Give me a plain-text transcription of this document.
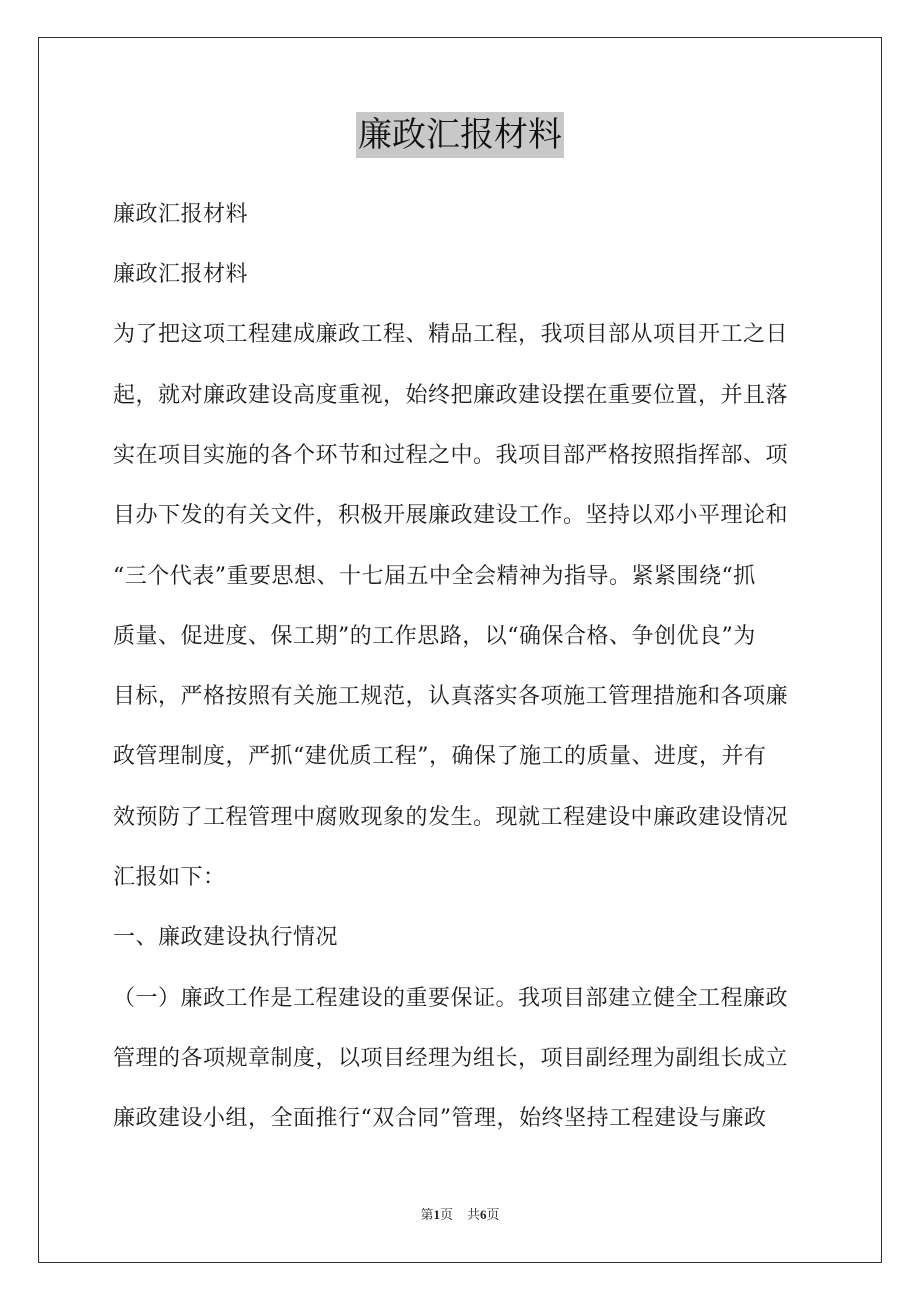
廉政汇报材料
廉政汇报材料
廉政汇报材料
为了把这项工程建成廉政工程、精品工程，我项目部从项目开工之日
起，就对廉政建设高度重视，始终把廉政建设摆在重要位置，并且落
实在项目实施的各个环节和过程之中。我项目部严格按照指挥部、项
目办下发的有关文件，积极开展廉政建设工作。坚持以邓小平理论和
“三个代表”重要思想、十七届五中全会精神为指导。紧紧围绕“抓
质量、促进度、保工期”的工作思路，以“确保合格、争创优良”为
目标，严格按照有关施工规范，认真落实各项施工管理措施和各项廉
政管理制度，严抓“建优质工程”，确保了施工的质量、进度，并有
效预防了工程管理中腐败现象的发生。现就工程建设中廉政建设情况
汇报如下：
一、廉政建设执行情况
（一）廉政工作是工程建设的重要保证。我项目部建立健全工程廉政
管理的各项规章制度，以项目经理为组长，项目副经理为副组长成立
廉政建设小组，全面推行“双合同”管理，始终坚持工程建设与廉政
第1页 共6页
